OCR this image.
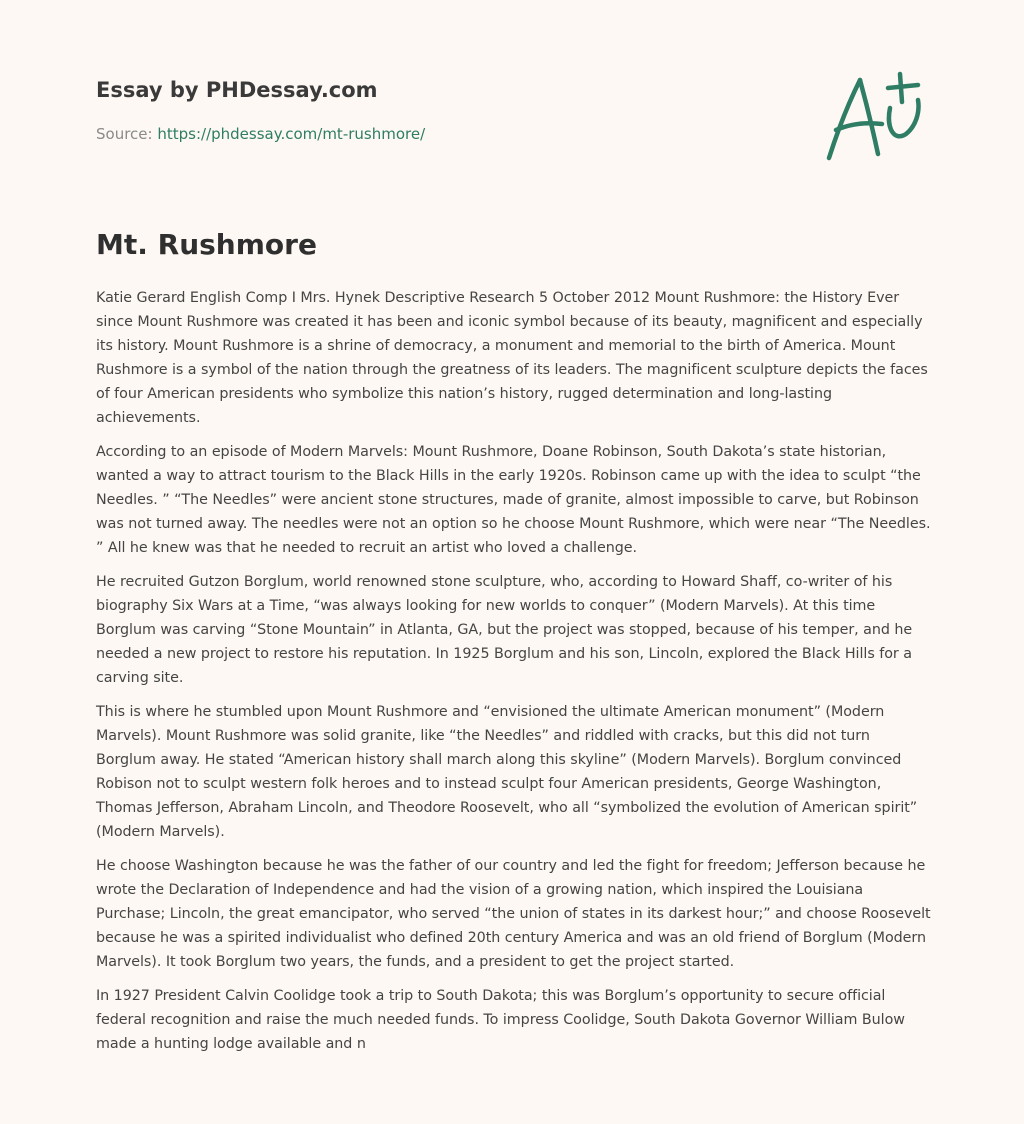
Essay by PHDessay.com
Source: https://phdessay.com/mt-rushmore/
Mt. Rushmore

Katie Gerard English Comp I Mrs. Hynek Descriptive Research 5 October 2012 Mount Rushmore: the History Ever since Mount Rushmore was created it has been and iconic symbol because of its beauty, magnificent and especially its history. Mount Rushmore is a shrine of democracy, a monument and memorial to the birth of America. Mount Rushmore is a symbol of the nation through the greatness of its leaders. The magnificent sculpture depicts the faces of four American presidents who symbolize this nation’s history, rugged determination and long-lasting achievements.

According to an episode of Modern Marvels: Mount Rushmore, Doane Robinson, South Dakota’s state historian, wanted a way to attract tourism to the Black Hills in the early 1920s. Robinson came up with the idea to sculpt “the Needles. ” “The Needles” were ancient stone structures, made of granite, almost impossible to carve, but Robinson was not turned away. The needles were not an option so he choose Mount Rushmore, which were near “The Needles. ” All he knew was that he needed to recruit an artist who loved a challenge.

He recruited Gutzon Borglum, world renowned stone sculpture, who, according to Howard Shaff, co-writer of his biography Six Wars at a Time, “was always looking for new worlds to conquer” (Modern Marvels). At this time Borglum was carving “Stone Mountain” in Atlanta, GA, but the project was stopped, because of his temper, and he needed a new project to restore his reputation. In 1925 Borglum and his son, Lincoln, explored the Black Hills for a carving site.

This is where he stumbled upon Mount Rushmore and “envisioned the ultimate American monument” (Modern Marvels). Mount Rushmore was solid granite, like “the Needles” and riddled with cracks, but this did not turn Borglum away. He stated “American history shall march along this skyline” (Modern Marvels). Borglum convinced Robison not to sculpt western folk heroes and to instead sculpt four American presidents, George Washington, Thomas Jefferson, Abraham Lincoln, and Theodore Roosevelt, who all “symbolized the evolution of American spirit” (Modern Marvels).

He choose Washington because he was the father of our country and led the fight for freedom; Jefferson because he wrote the Declaration of Independence and had the vision of a growing nation, which inspired the Louisiana Purchase; Lincoln, the great emancipator, who served “the union of states in its darkest hour;” and choose Roosevelt because he was a spirited individualist who defined 20th century America and was an old friend of Borglum (Modern Marvels). It took Borglum two years, the funds, and a president to get the project started.

In 1927 President Calvin Coolidge took a trip to South Dakota; this was Borglum’s opportunity to secure official federal recognition and raise the much needed funds. To impress Coolidge, South Dakota Governor William Bulow made a hunting lodge available and n
